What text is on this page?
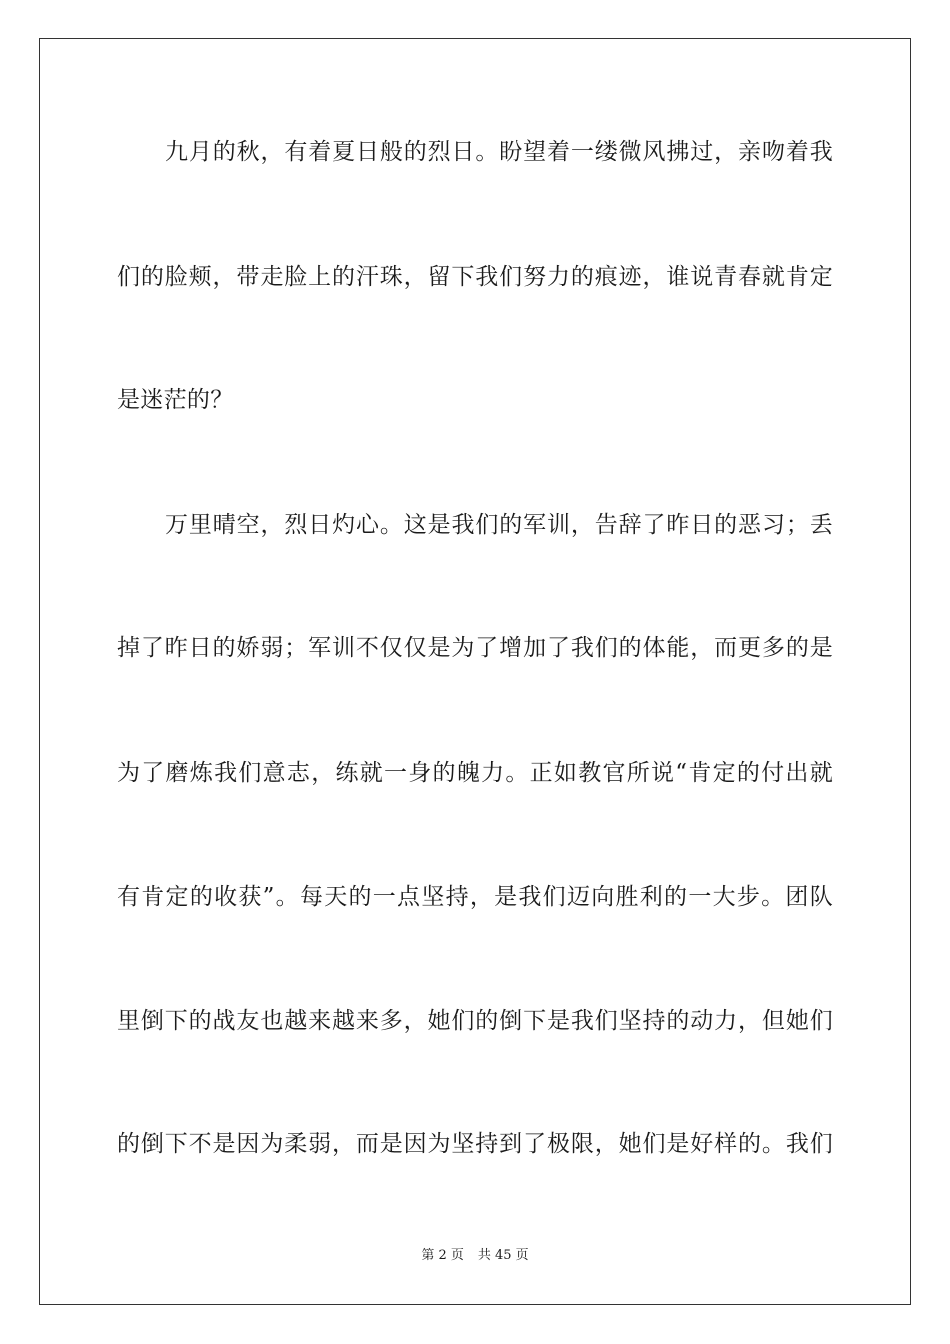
九月的秋，有着夏日般的烈日。盼望着一缕微风拂过，亲吻着我
们的脸颊，带走脸上的汗珠，留下我们努力的痕迹，谁说青春就肯定
是迷茫的？
万里晴空，烈日灼心。这是我们的军训，告辞了昨日的恶习；丢
掉了昨日的娇弱；军训不仅仅是为了增加了我们的体能，而更多的是
为了磨炼我们意志，练就一身的魄力。正如教官所说“肯定的付出就
有肯定的收获”。每天的一点坚持，是我们迈向胜利的一大步。团队
里倒下的战友也越来越来多，她们的倒下是我们坚持的动力，但她们
的倒下不是因为柔弱，而是因为坚持到了极限，她们是好样的。我们
第 2 页 共 45 页
